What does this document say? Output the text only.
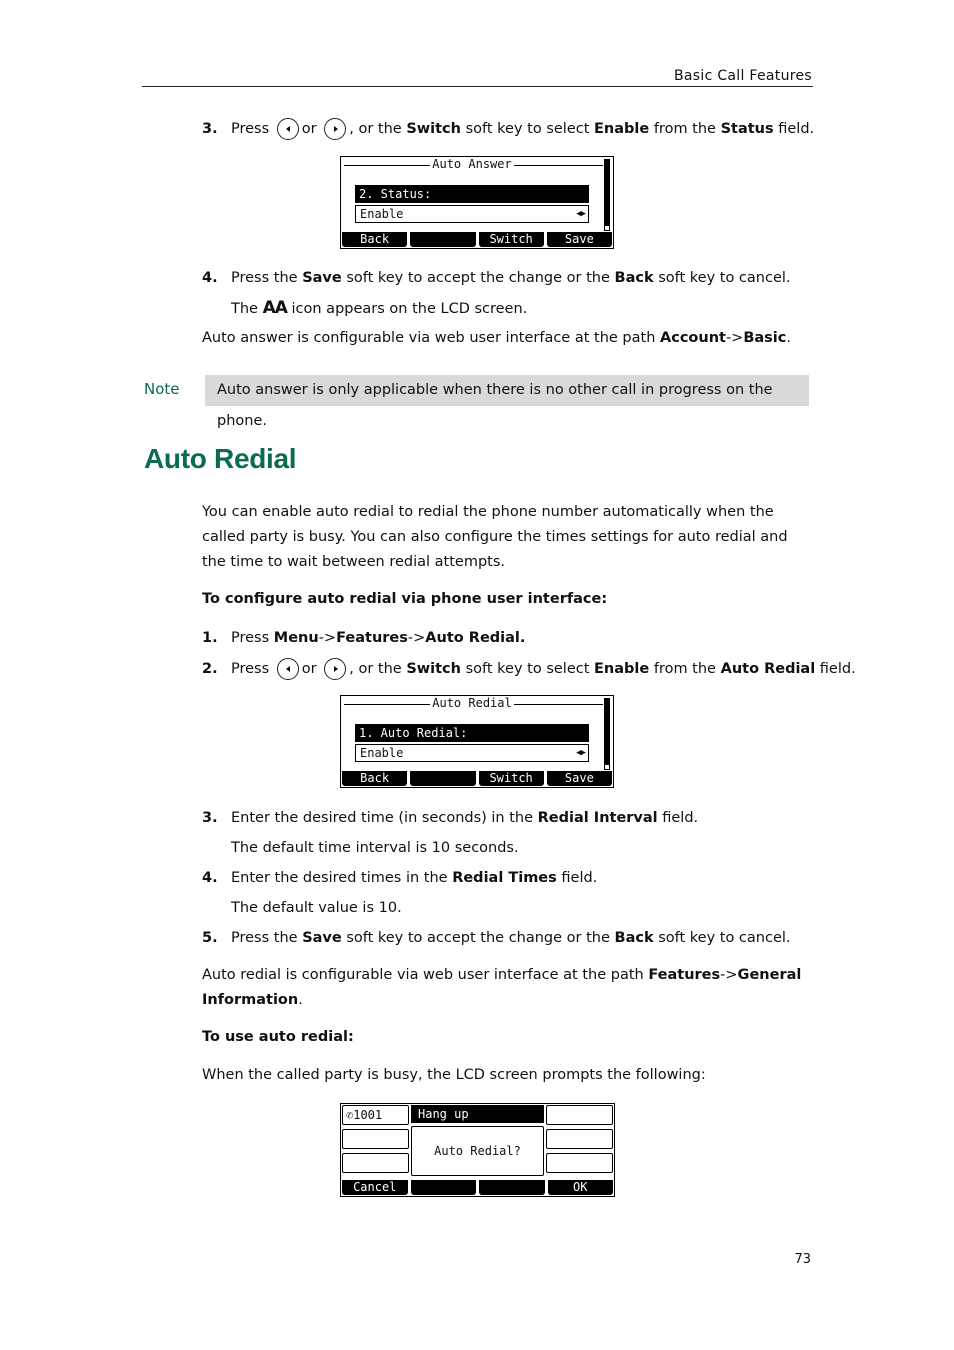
Basic Call Features
3. Press or , or the Switch soft key to select Enable from the Status field.
Auto Answer
2. Status:
Enable	◀▶
Back	Switch	Save
4. Press the Save soft key to accept the change or the Back soft key to cancel.
The AA icon appears on the LCD screen.
Auto answer is configurable via web user interface at the path Account->Basic.
Note	Auto answer is only applicable when there is no other call in progress on the phone.
Auto Redial
You can enable auto redial to redial the phone number automatically when the called party is busy. You can also configure the times settings for auto redial and the time to wait between redial attempts.
To configure auto redial via phone user interface:
1. Press Menu->Features->Auto Redial.
2. Press or , or the Switch soft key to select Enable from the Auto Redial field.
Auto Redial
1. Auto Redial:
Enable	◀▶
Back	Switch	Save
3. Enter the desired time (in seconds) in the Redial Interval field.
The default time interval is 10 seconds.
4. Enter the desired times in the Redial Times field.
The default value is 10.
5. Press the Save soft key to accept the change or the Back soft key to cancel.
Auto redial is configurable via web user interface at the path Features->General Information.
To use auto redial:
When the called party is busy, the LCD screen prompts the following:
✆1001	Hang up
Auto Redial?
Cancel	OK
73
